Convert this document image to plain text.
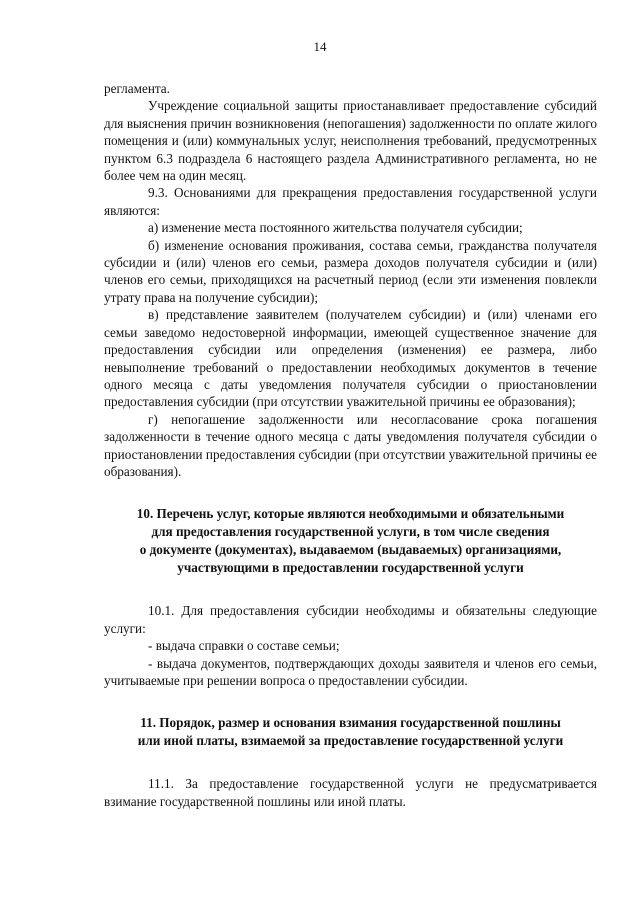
14

регламента.

Учреждение социальной защиты приостанавливает предоставление субсидий для выяснения причин возникновения (непогашения) задолженности по оплате жилого помещения и (или) коммунальных услуг, неисполнения требований, предусмотренных пунктом 6.3 подраздела 6 настоящего раздела Административного регламента, но не более чем на один месяц.

9.3. Основаниями для прекращения предоставления государственной услуги являются:

а) изменение места постоянного жительства получателя субсидии;

б) изменение основания проживания, состава семьи, гражданства получателя субсидии и (или) членов его семьи, размера доходов получателя субсидии и (или) членов его семьи, приходящихся на расчетный период (если эти изменения повлекли утрату права на получение субсидии);

в) представление заявителем (получателем субсидии) и (или) членами его семьи заведомо недостоверной информации, имеющей существенное значение для предоставления субсидии или определения (изменения) ее размера, либо невыполнение требований о предоставлении необходимых документов в течение одного месяца с даты уведомления получателя субсидии о приостановлении предоставления субсидии (при отсутствии уважительной причины ее образования);

г) непогашение задолженности или несогласование срока погашения задолженности в течение одного месяца с даты уведомления получателя субсидии о приостановлении предоставления субсидии (при отсутствии уважительной причины ее образования).

10. Перечень услуг, которые являются необходимыми и обязательными

для предоставления государственной услуги, в том числе сведения

о документе (документах), выдаваемом (выдаваемых) организациями,

участвующими в предоставлении государственной услуги

10.1. Для предоставления субсидии необходимы и обязательны следующие услуги:

- выдача справки о составе семьи;

- выдача документов, подтверждающих доходы заявителя и членов его семьи, учитываемые при решении вопроса о предоставлении субсидии.

11. Порядок, размер и основания взимания государственной пошлины

или иной платы, взимаемой за предоставление государственной услуги

11.1. За предоставление государственной услуги не предусматривается взимание государственной пошлины или иной платы.
